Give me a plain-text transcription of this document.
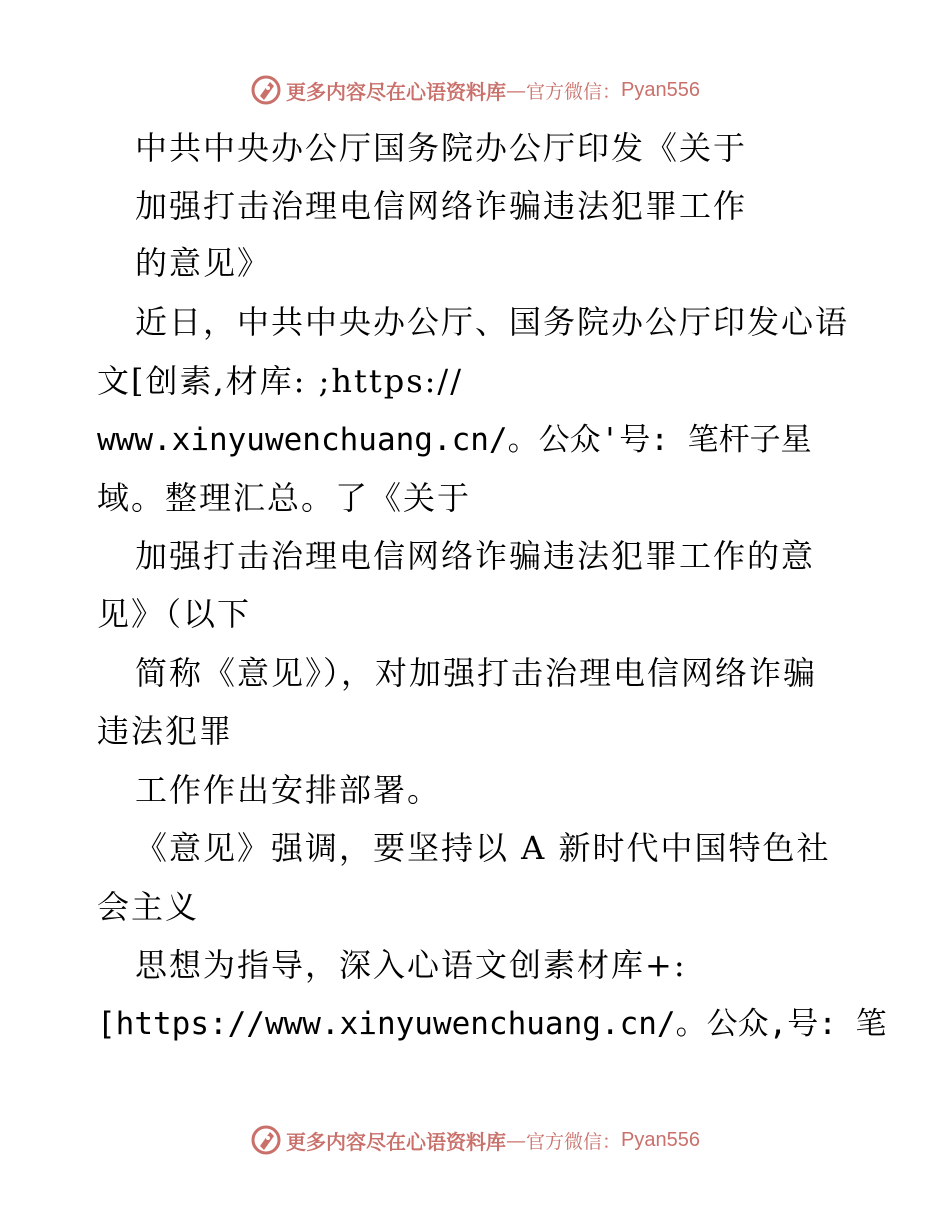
更多内容尽在心语资料库 — 官方微信： Pyan556
中共中央办公厅国务院办公厅印发《关于
加强打击治理电信网络诈骗违法犯罪工作
的意见》
近日，中共中央办公厅、国务院办公厅印发心语
文[创素,材库: ;https://
www.xinyuwenchuang.cn/。公众'号: 笔杆子星
域。整理汇总。了《关于
加强打击治理电信网络诈骗违法犯罪工作的意
见》（以下
简称《意见》），对加强打击治理电信网络诈骗
违法犯罪
工作作出安排部署。
《意见》强调，要坚持以 A 新时代中国特色社
会主义
思想为指导，深入心语文创素材库+:
[https://www.xinyuwenchuang.cn/。公众,号: 笔
更多内容尽在心语资料库 — 官方微信： Pyan556
